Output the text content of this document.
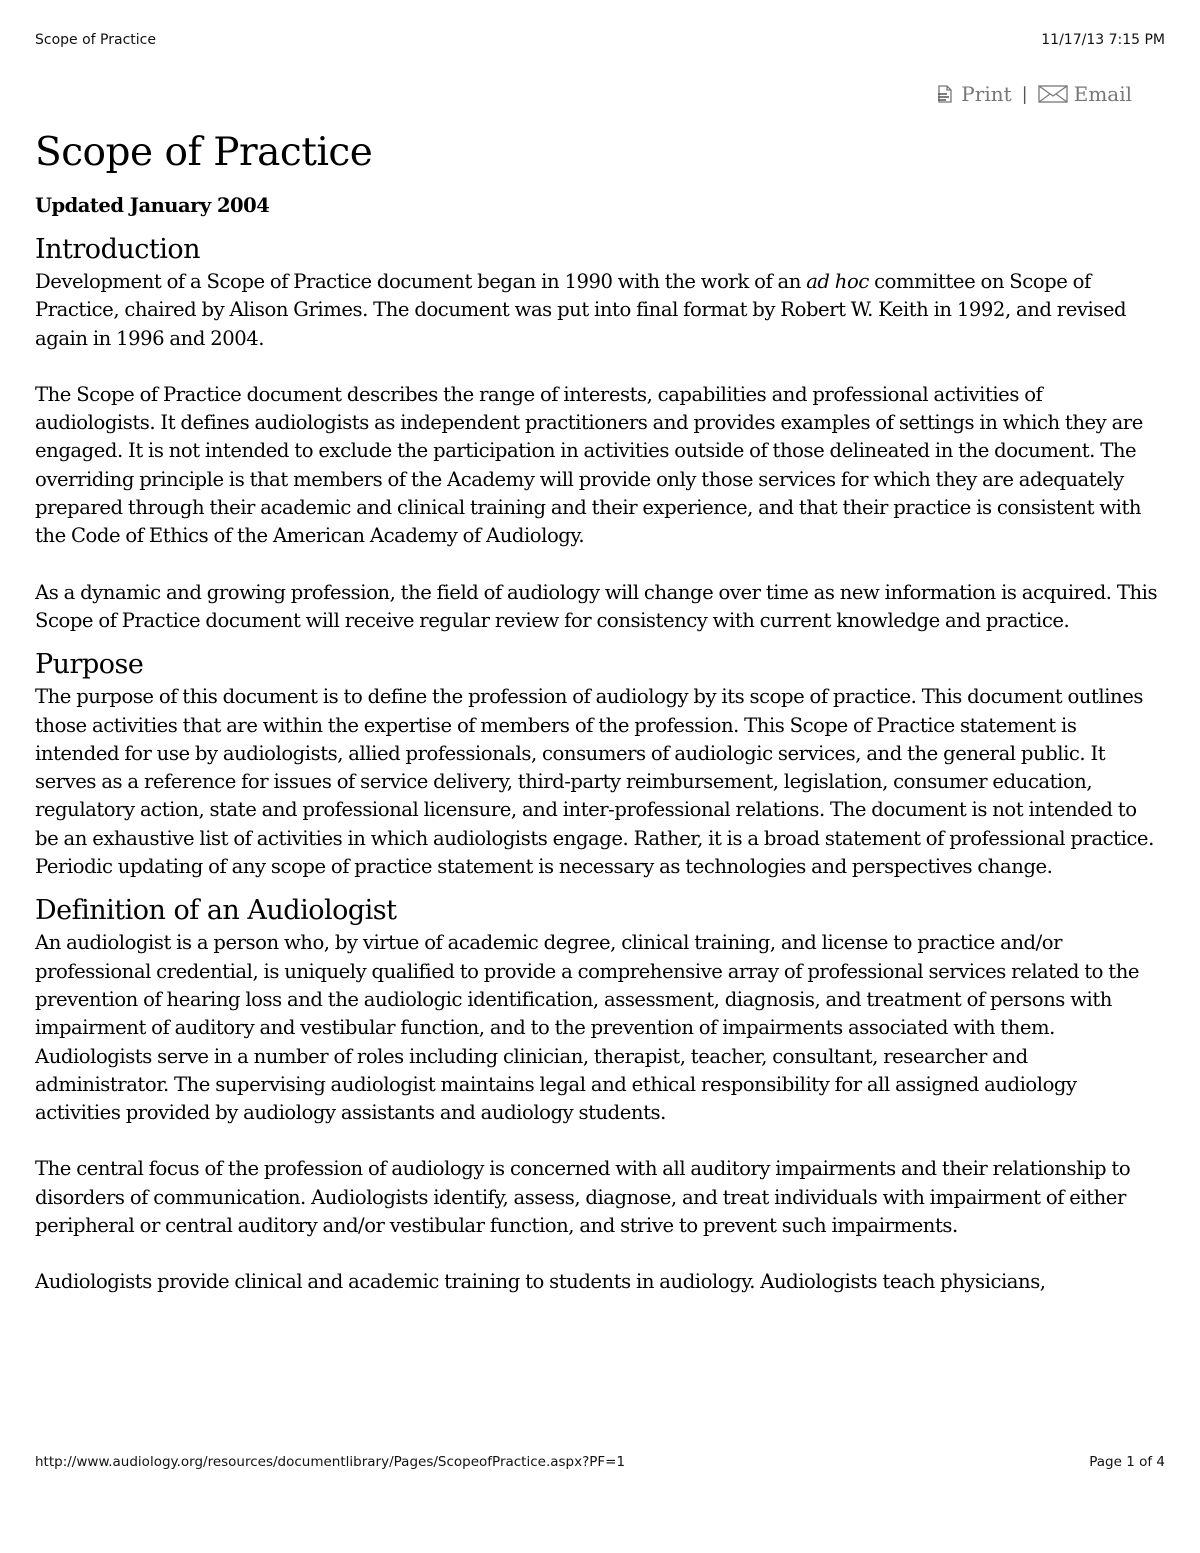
Scope of Practice	11/17/13 7:15 PM
Print | Email
Scope of Practice
Updated January 2004
Introduction

Development of a Scope of Practice document began in 1990 with the work of an ad hoc committee on Scope of Practice, chaired by Alison Grimes. The document was put into final format by Robert W. Keith in 1992, and revised again in 1996 and 2004.

The Scope of Practice document describes the range of interests, capabilities and professional activities of audiologists. It defines audiologists as independent practitioners and provides examples of settings in which they are engaged. It is not intended to exclude the participation in activities outside of those delineated in the document. The overriding principle is that members of the Academy will provide only those services for which they are adequately prepared through their academic and clinical training and their experience, and that their practice is consistent with the Code of Ethics of the American Academy of Audiology.

As a dynamic and growing profession, the field of audiology will change over time as new information is acquired. This Scope of Practice document will receive regular review for consistency with current knowledge and practice.

Purpose

The purpose of this document is to define the profession of audiology by its scope of practice. This document outlines those activities that are within the expertise of members of the profession. This Scope of Practice statement is intended for use by audiologists, allied professionals, consumers of audiologic services, and the general public. It serves as a reference for issues of service delivery, third-party reimbursement, legislation, consumer education, regulatory action, state and professional licensure, and inter-professional relations. The document is not intended to be an exhaustive list of activities in which audiologists engage. Rather, it is a broad statement of professional practice. Periodic updating of any scope of practice statement is necessary as technologies and perspectives change.

Definition of an Audiologist

An audiologist is a person who, by virtue of academic degree, clinical training, and license to practice and/or professional credential, is uniquely qualified to provide a comprehensive array of professional services related to the prevention of hearing loss and the audiologic identification, assessment, diagnosis, and treatment of persons with impairment of auditory and vestibular function, and to the prevention of impairments associated with them. Audiologists serve in a number of roles including clinician, therapist, teacher, consultant, researcher and administrator. The supervising audiologist maintains legal and ethical responsibility for all assigned audiology activities provided by audiology assistants and audiology students.

The central focus of the profession of audiology is concerned with all auditory impairments and their relationship to disorders of communication. Audiologists identify, assess, diagnose, and treat individuals with impairment of either peripheral or central auditory and/or vestibular function, and strive to prevent such impairments.

Audiologists provide clinical and academic training to students in audiology. Audiologists teach physicians,

http://www.audiology.org/resources/documentlibrary/Pages/ScopeofPractice.aspx?PF=1	Page 1 of 4
